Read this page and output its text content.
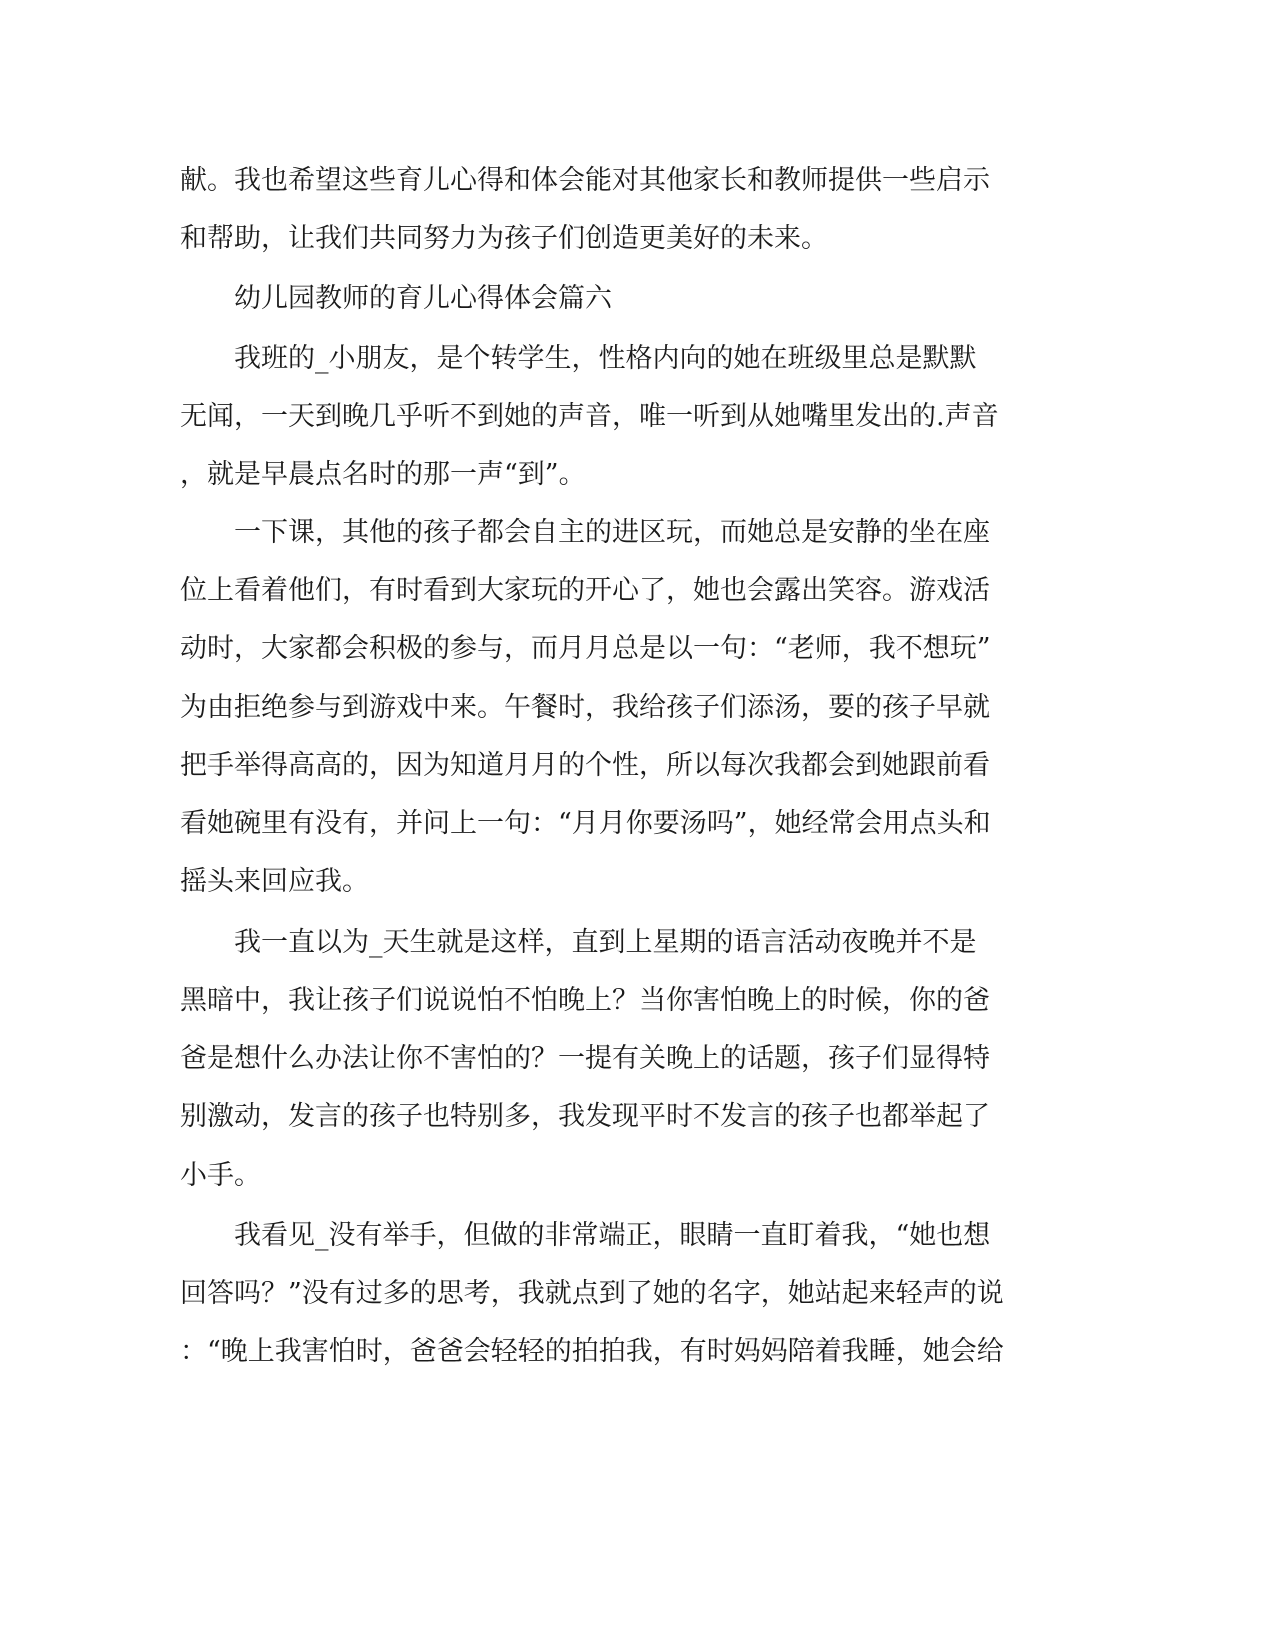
献。我也希望这些育儿心得和体会能对其他家长和教师提供一些启示
和帮助，让我们共同努力为孩子们创造更美好的未来。
　　幼儿园教师的育儿心得体会篇六
　　我班的_小朋友，是个转学生，性格内向的她在班级里总是默默
无闻，一天到晚几乎听不到她的声音，唯一听到从她嘴里发出的.声音
，就是早晨点名时的那一声“到”。
　　一下课，其他的孩子都会自主的进区玩，而她总是安静的坐在座
位上看着他们，有时看到大家玩的开心了，她也会露出笑容。游戏活
动时，大家都会积极的参与，而月月总是以一句：“老师，我不想玩”
为由拒绝参与到游戏中来。午餐时，我给孩子们添汤，要的孩子早就
把手举得高高的，因为知道月月的个性，所以每次我都会到她跟前看
看她碗里有没有，并问上一句：“月月你要汤吗”，她经常会用点头和
摇头来回应我。
　　我一直以为_天生就是这样，直到上星期的语言活动夜晚并不是
黑暗中，我让孩子们说说怕不怕晚上？当你害怕晚上的时候，你的爸
爸是想什么办法让你不害怕的？一提有关晚上的话题，孩子们显得特
别激动，发言的孩子也特别多，我发现平时不发言的孩子也都举起了
小手。
　　我看见_没有举手，但做的非常端正，眼睛一直盯着我，“她也想
回答吗？”没有过多的思考，我就点到了她的名字，她站起来轻声的说
：“晚上我害怕时，爸爸会轻轻的拍拍我，有时妈妈陪着我睡，她会给
